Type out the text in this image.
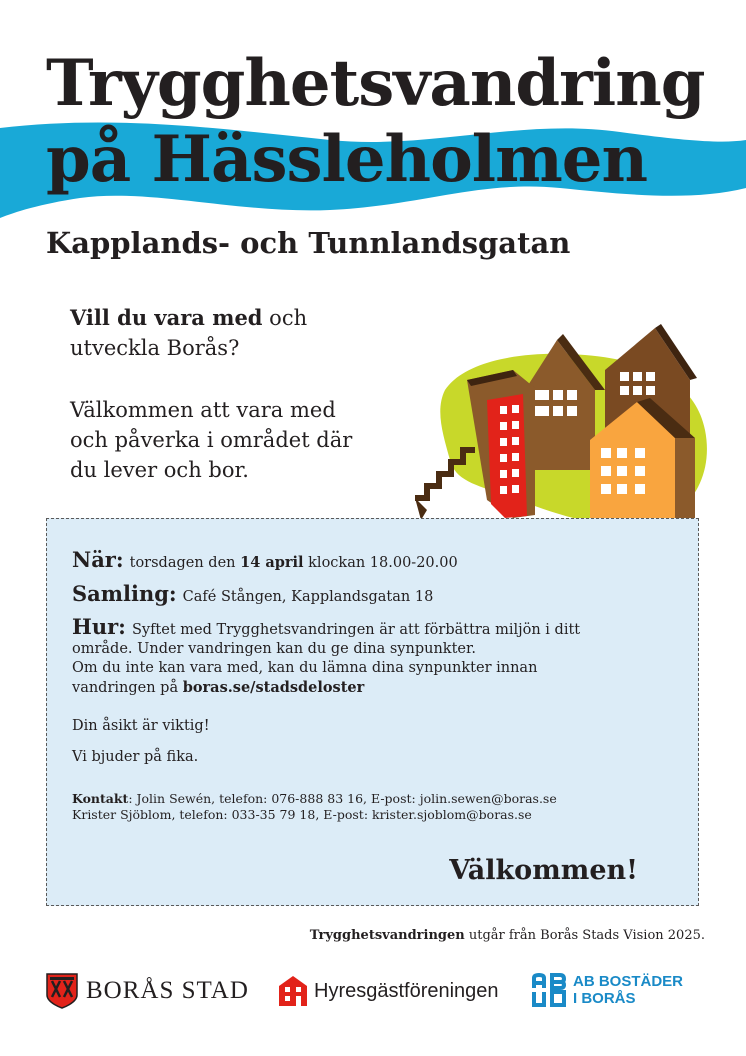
Trygghetsvandring
på Hässleholmen
Kapplands- och Tunnlandsgatan

Vill du vara med och

utveckla Borås?

Välkommen att vara med

och påverka i området där

du lever och bor.

När: torsdagen den 14 april klockan 18.00-20.00
Samling: Café Stången, Kapplandsgatan 18
Hur: Syftet med Trygghetsvandringen är att förbättra miljön i ditt
område. Under vandringen kan du ge dina synpunkter.
Om du inte kan vara med, kan du lämna dina synpunkter innan
vandringen på boras.se/stadsdeloster
Din åsikt är viktig!
Vi bjuder på fika.
Kontakt: Jolin Sewén, telefon: 076-888 83 16, E-post: jolin.sewen@boras.se
Krister Sjöblom, telefon: 033-35 79 18, E-post: krister.sjoblom@boras.se
Välkommen!
Trygghetsvandringen utgår från Borås Stads Vision 2025.
BORÅS STAD	Hyresgästföreningen	AB BOSTÄDER
I BORÅS
